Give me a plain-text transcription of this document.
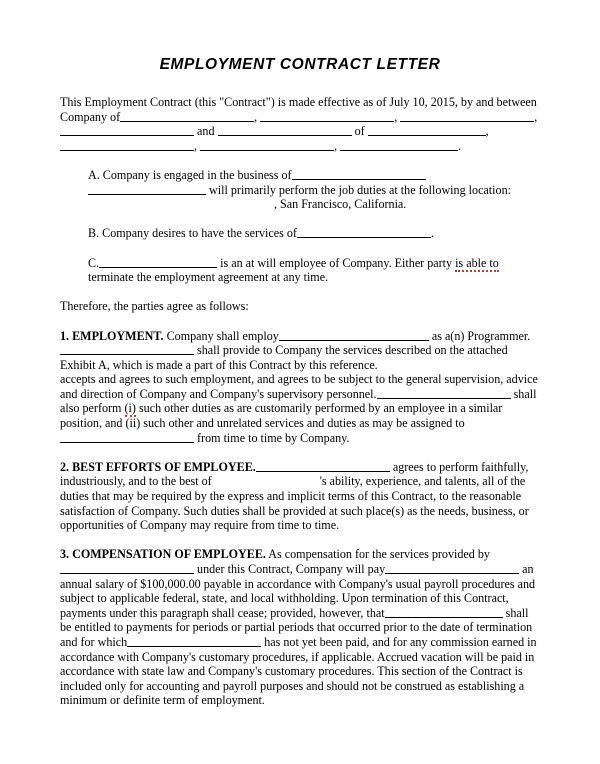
EMPLOYMENT CONTRACT LETTER

This Employment Contract (this "Contract") is made effective as of July 10, 2015, by and between Company of	,	,	,
and	of	,
,	,	.

A. Company is engaged in the business of  will primarily perform the job duties at the following location:, San Francisco, California.

B. Company desires to have the services of	.

C.	is an at will employee of Company. Either party is able to terminate the employment agreement at any time.

Therefore, the parties agree as follows:

1. EMPLOYMENT. Company shall employ	as a(n) Programmer.
shall provide to Company the services described on the attached Exhibit A, which is made a part of this Contract by this reference.accepts and agrees to such employment, and agrees to be subject to the general supervision, advice and direction of Company and Company's supervisory personnel.	shall also perform (i) such other duties as are customarily performed by an employee in a similar position, and (ii) such other and unrelated services and duties as may be assigned to from time to time by Company.

2. BEST EFFORTS OF EMPLOYEE.	agrees to perform faithfully, industriously, and to the best of	's ability, experience, and talents, all of the duties that may be required by the express and implicit terms of this Contract, to the reasonable satisfaction of Company. Such duties shall be provided at such place(s) as the needs, business, or opportunities of Company may require from time to time.

3. COMPENSATION OF EMPLOYEE. As compensation for the services provided by
under this Contract, Company will pay	an annual salary of $100,000.00 payable in accordance with Company's usual payroll procedures and subject to applicable federal, state, and local withholding. Upon termination of this Contract, payments under this paragraph shall cease; provided, however, that	shall be entitled to payments for periods or partial periods that occurred prior to the date of termination and for which	has not yet been paid, and for any commission earned in accordance with Company's customary procedures, if applicable. Accrued vacation will be paid in accordance with state law and Company's customary procedures. This section of the Contract is included only for accounting and payroll purposes and should not be construed as establishing a minimum or definite term of employment.
